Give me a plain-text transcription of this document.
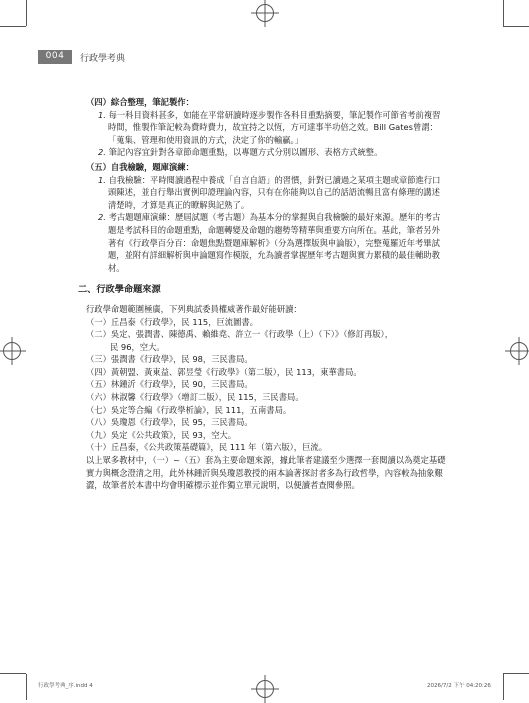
004	行政學考典

（四）綜合整理，筆記製作：

1. 每一科目資料甚多，如能在平常研讀時逐步製作各科目重點摘要，筆記製作可節省考前複習時間，惟製作筆記較為費時費力，故宜持之以恆，方可達事半功倍之效。Bill Gates曾謂：「蒐集、管理和使用資訊的方式，決定了你的輸贏。」

2. 筆記內容宜針對各章節命題重點，以專題方式分別以圖形、表格方式統整。

（五）自我檢驗，題庫演練：

1. 自我檢驗：平時閱讀過程中養成「自言自語」的習慣，針對已讀過之某項主題或章節進行口頭陳述，並自行舉出實例印證理論內容，只有在你能夠以自己的話語流暢且富有條理的講述清楚時，才算是真正的瞭解與記熟了。

2. 考古題題庫演練：歷屆試題（考古題）為基本分的掌握與自我檢驗的最好來源。歷年的考古題是考試科目的命題重點，命題轉變及命題的趨勢等精華與重要方向所在。基此，筆者另外著有《行政學百分百：命題焦點暨題庫解析》（分為選擇版與申論版），完整蒐羅近年考畢試題，並附有詳細解析與申論題寫作模版，允為讀者掌握歷年考古題與實力累積的最佳輔助教材。

二、行政學命題來源

行政學命題範圍極廣，下列典試委員權威著作最好能研讀：

（一）丘昌泰《行政學》，民 115，巨流圖書。

（二）吳定、張潤書、陳德禹、賴維堯、許立一《行政學（上）（下）》（修訂再版），

民 96，空大。

（三）張潤書《行政學》，民 98，三民書局。

（四）黃朝盟、黃東益、郭昱瑩《行政學》（第二版），民 113，東華書局。

（五）林鍾沂《行政學》，民 90，三民書局。

（六）林淑馨《行政學》（增訂二版），民 115，三民書局。

（七）吳定等合編《行政學析論》，民 111，五南書局。

（八）吳瓊恩《行政學》，民 95，三民書局。

（九）吳定《公共政策》，民 93，空大。

（十）丘昌泰，《公共政策基礎篇》，民 111 年（第六版），巨流。

以上眾多教材中，（一）~（五）套為主要命題來源，據此筆者建議至少選擇一套閱讀以為奠定基礎實力與概念澄清之用，此外林鍾沂與吳瓊恩教授的兩本論著探討者多為行政哲學，內容較為抽象艱澀，故筆者於本書中均會明確標示並作獨立單元說明，以便讀者查閱參照。

行政學考典_序.indd 4	2026/7/2 下午 04:20:26
